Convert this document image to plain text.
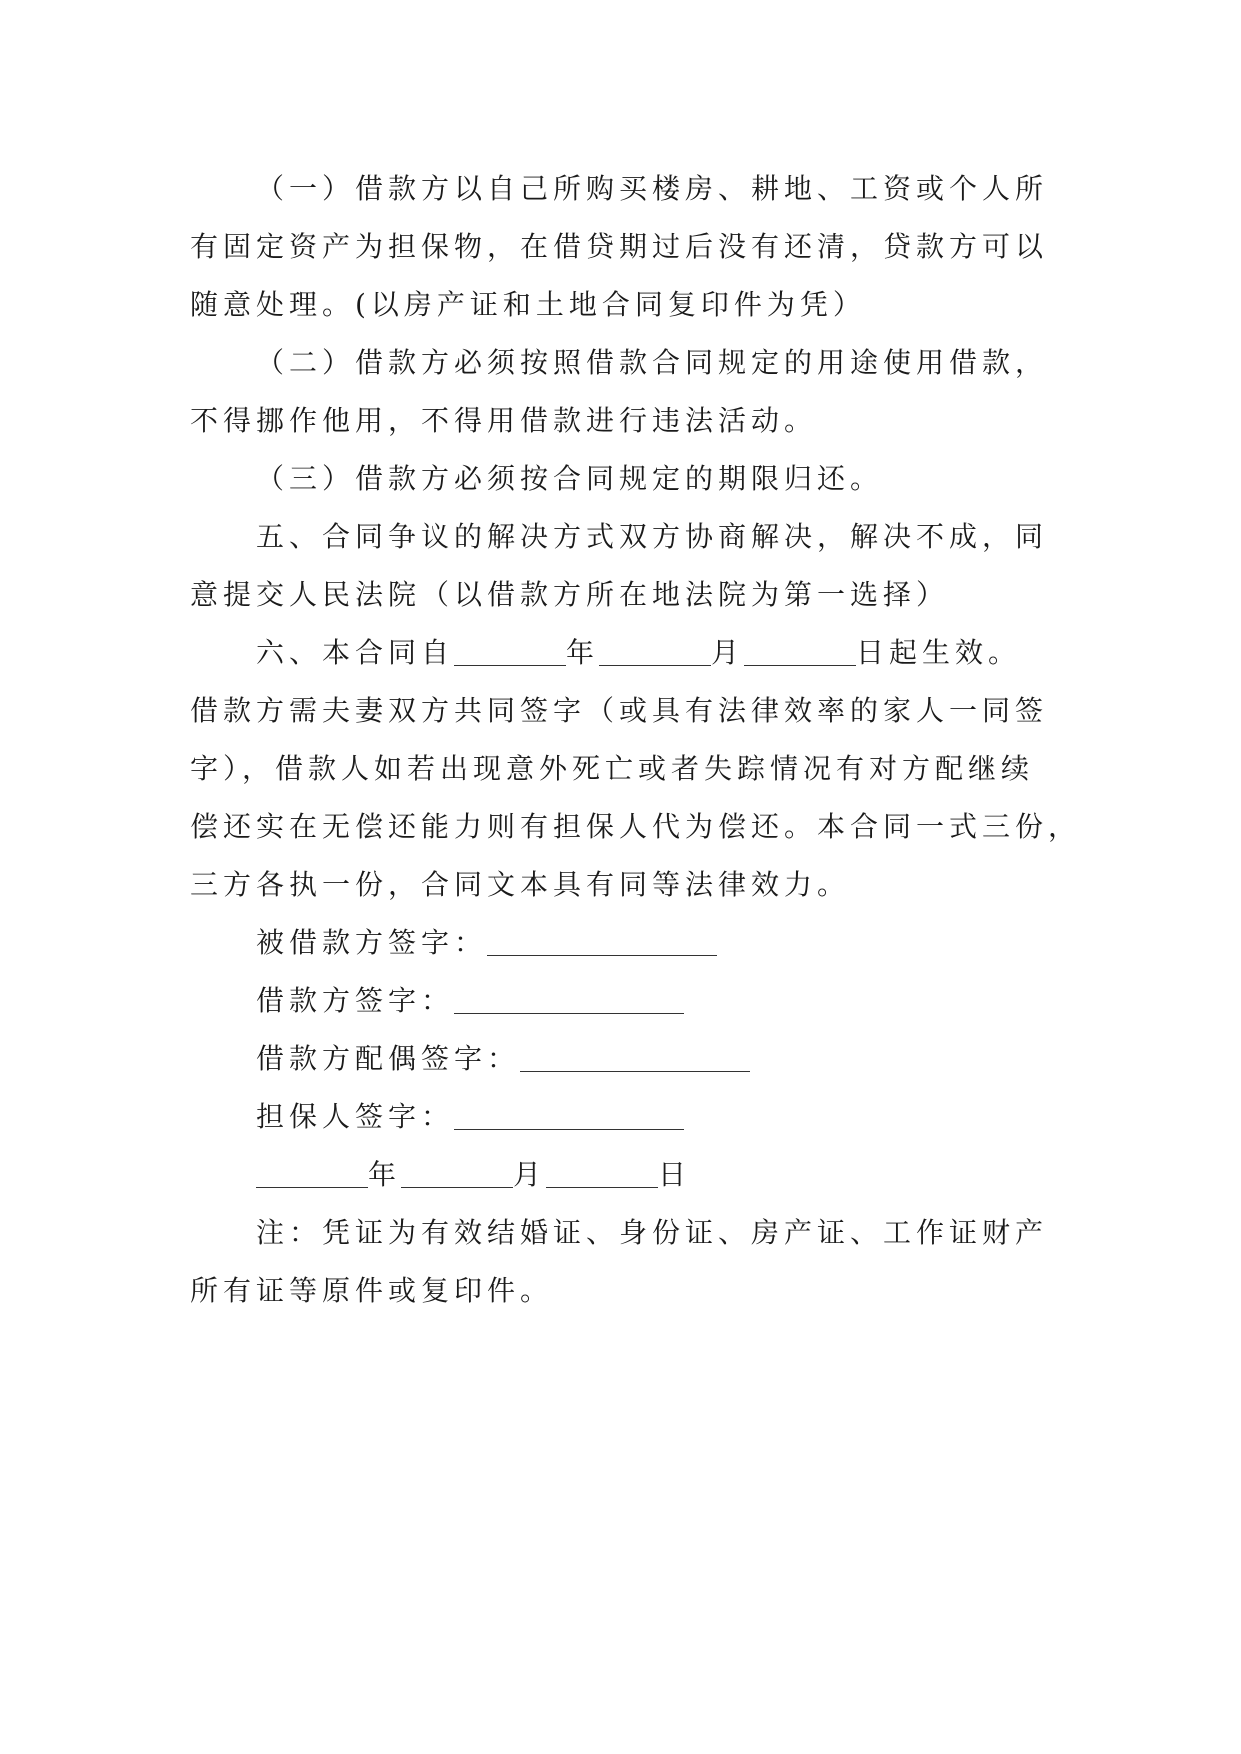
（一）借款方以自己所购买楼房、耕地、工资或个人所
有固定资产为担保物，在借贷期过后没有还清，贷款方可以
随意处理。(以房产证和土地合同复印件为凭）
（二）借款方必须按照借款合同规定的用途使用借款，
不得挪作他用，不得用借款进行违法活动。
（三）借款方必须按合同规定的期限归还。
五、合同争议的解决方式双方协商解决，解决不成，同
意提交人民法院（以借款方所在地法院为第一选择）
六、本合同自	年	月	日起生效。
借款方需夫妻双方共同签字（或具有法律效率的家人一同签
字），借款人如若出现意外死亡或者失踪情况有对方配继续
偿还实在无偿还能力则有担保人代为偿还。本合同一式三份，
三方各执一份，合同文本具有同等法律效力。
被借款方签字：
借款方签字：
借款方配偶签字：
担保人签字：
年	月	日
注：凭证为有效结婚证、身份证、房产证、工作证财产
所有证等原件或复印件。
